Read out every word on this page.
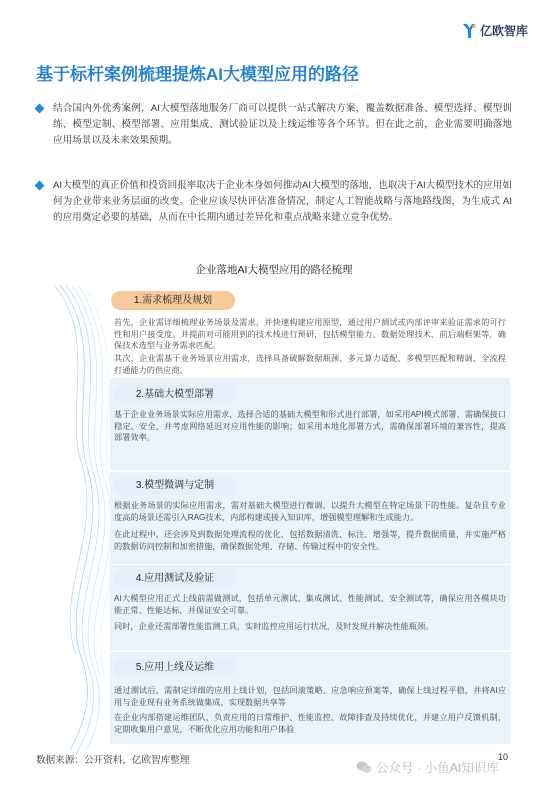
亿欧智库
基于标杆案例梳理提炼AI大模型应用的路径

结合国内外优秀案例，AI大模型落地服务厂商可以提供一站式解决方案，覆盖数据准备、模型选择、模型训练、模型定制、模型部署、应用集成、测试验证以及上线运维等各个环节。但在此之前，企业需要明确落地应用场景以及未来效果预期。

AI大模型的真正价值和投资回报率取决于企业本身如何推动AI大模型的落地，也取决于AI大模型技术的应用如何为企业带来业务层面的改变。企业应该尽快评估准备情况，制定人工智能战略与落地路线图，为生成式 AI 的应用奠定必要的基础，从而在中长期内通过差异化和重点战略来建立竞争优势。

企业落地AI大模型应用的路径梳理
1.需求梳理及规划

首先，企业需详细梳理业务场景及需求，并快速构建应用原型，通过用户测试或内部评审来验证需求的可行性和用户接受度。并提前对可能用到的技术栈进行预研，包括模型能力、数据处理技术、前后端框架等，确保技术选型与业务需求匹配。

其次，企业需基于业务场景应用需求，选择具备破解数据瓶颈、多元算力适配、多模型匹配和精调、全流程打通能力的供应商。

2.基础大模型部署

基于企业业务场景实际应用需求，选择合适的基础大模型和形式进行部署，如采用API模式部署，需确保接口稳定、安全，并考虑网络延迟对应用性能的影响；如采用本地化部署方式，需确保部署环境的兼容性，提高部署效率。

3.模型微调与定制

根据业务场景的实际应用需求，需对基础大模型进行微调，以提升大模型在特定场景下的性能。复杂且专业度高的场景还需引入RAG技术，内部构建或接入知识库，增强模型理解和生成能力。

在此过程中，还会涉及到数据处理流程的优化，包括数据清洗、标注、增强等，提升数据质量，并实施严格的数据访问控制和加密措施，确保数据处理、存储、传输过程中的安全性。

4.应用测试及验证

AI大模型应用正式上线前需做测试，包括单元测试、集成测试、性能测试、安全测试等，确保应用各模块功能正常、性能达标，并保证安全可靠。

同时，企业还需部署性能监测工具，实时监控应用运行状况，及时发现并解决性能瓶颈。

5.应用上线及运维

通过测试后，需制定详细的应用上线计划，包括回滚策略、应急响应预案等，确保上线过程平稳，并将AI应用与企业现有业务系统做集成，实现数据共享等

在企业内部搭建运维团队，负责应用的日常维护、性能监控、故障排查及持续优化，并建立用户反馈机制，定期收集用户意见，不断优化应用功能和用户体验

数据来源：公开资料，亿欧智库整理	10
公众号 · 小鱼AI知识库
